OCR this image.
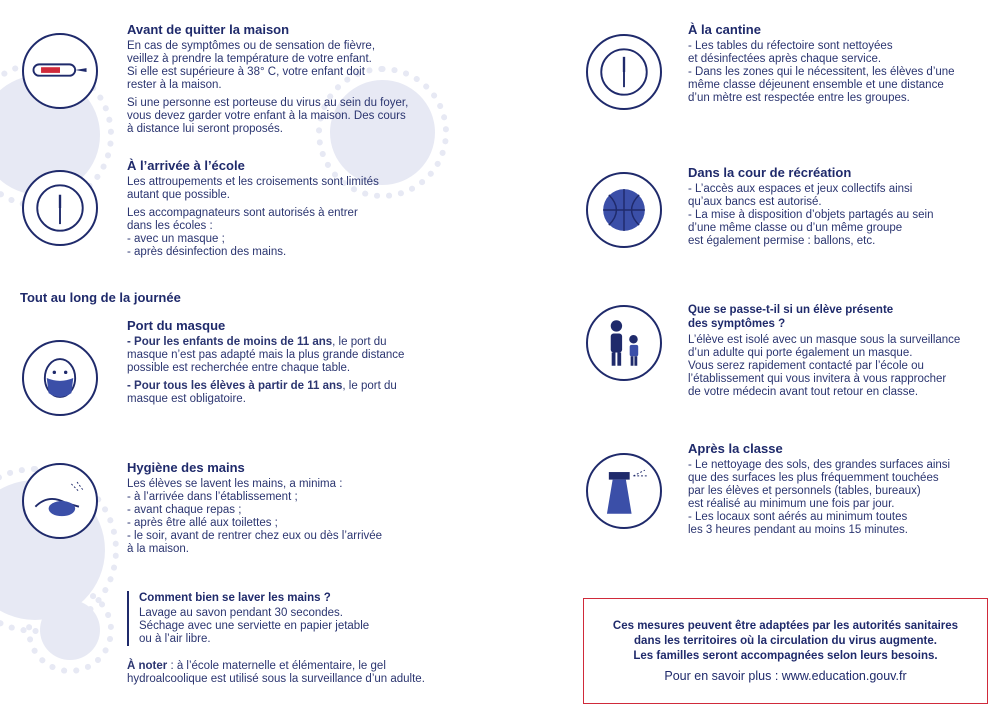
Avant de quitter la maison

En cas de symptômes ou de sensation de fièvre,
veillez à prendre la température de votre enfant.
Si elle est supérieure à 38° C, votre enfant doit
rester à la maison.

Si une personne est porteuse du virus au sein du foyer,
vous devez garder votre enfant à la maison. Des cours
à distance lui seront proposés.

À l’arrivée à l’école

Les attroupements et les croisements sont limités
autant que possible.

Les accompagnateurs sont autorisés à entrer
dans les écoles :
- avec un masque ;
- après désinfection des mains.

Tout au long de la journée

Port du masque

- Pour les enfants de moins de 11 ans, le port du
masque n’est pas adapté mais la plus grande distance
possible est recherchée entre chaque table.

- Pour tous les élèves à partir de 11 ans, le port du
masque est obligatoire.

Hygiène des mains

Les élèves se lavent les mains, a minima :
- à l’arrivée dans l’établissement ;
- avant chaque repas ;
- après être allé aux toilettes ;
- le soir, avant de rentrer chez eux ou dès l’arrivée
à la maison.

Comment bien se laver les mains ?

Lavage au savon pendant 30 secondes.
Séchage avec une serviette en papier jetable
ou à l’air libre.

À noter : à l’école maternelle et élémentaire, le gel
hydroalcoolique est utilisé sous la surveillance d’un adulte.

À la cantine

- Les tables du réfectoire sont nettoyées
et désinfectées après chaque service.
- Dans les zones qui le nécessitent, les élèves d’une
même classe déjeunent ensemble et une distance
d’un mètre est respectée entre les groupes.

Dans la cour de récréation

- L’accès aux espaces et jeux collectifs ainsi
qu’aux bancs est autorisé.
- La mise à disposition d’objets partagés au sein
d’une même classe ou d’un même groupe
est également permise : ballons, etc.

Que se passe-t-il si un élève présente
des symptômes ?

L’élève est isolé avec un masque sous la surveillance
d’un adulte qui porte également un masque.
Vous serez rapidement contacté par l’école ou
l’établissement qui vous invitera à vous rapprocher
de votre médecin avant tout retour en classe.

Après la classe

- Le nettoyage des sols, des grandes surfaces ainsi
que des surfaces les plus fréquemment touchées
par les élèves et personnels (tables, bureaux)
est réalisé au minimum une fois par jour.
- Les locaux sont aérés au minimum toutes
les 3 heures pendant au moins 15 minutes.

Ces mesures peuvent être adaptées par les autorités sanitaires
dans les territoires où la circulation du virus augmente.
Les familles seront accompagnées selon leurs besoins.
Pour en savoir plus : www.education.gouv.fr
